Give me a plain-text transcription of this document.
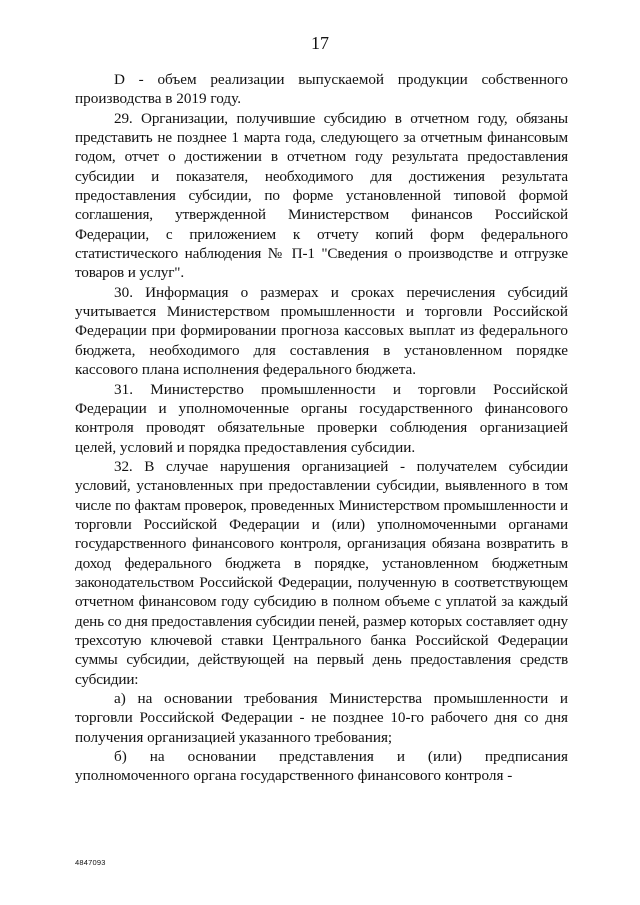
17

D - объем реализации выпускаемой продукции собственного производства в 2019 году.

29. Организации, получившие субсидию в отчетном году, обязаны представить не позднее 1 марта года, следующего за отчетным финансовым годом, отчет о достижении в отчетном году результата предоставления субсидии и показателя, необходимого для достижения результата предоставления субсидии, по форме установленной типовой формой соглашения, утвержденной Министерством финансов Российской Федерации, с приложением к отчету копий форм федерального статистического наблюдения № П-1 "Сведения о производстве и отгрузке товаров и услуг".

30. Информация о размерах и сроках перечисления субсидий учитывается Министерством промышленности и торговли Российской Федерации при формировании прогноза кассовых выплат из федерального бюджета, необходимого для составления в установленном порядке кассового плана исполнения федерального бюджета.

31. Министерство промышленности и торговли Российской Федерации и уполномоченные органы государственного финансового контроля проводят обязательные проверки соблюдения организацией целей, условий и порядка предоставления субсидии.

32. В случае нарушения организацией - получателем субсидии условий, установленных при предоставлении субсидии, выявленного в том числе по фактам проверок, проведенных Министерством промышленности и торговли Российской Федерации и (или) уполномоченными органами государственного финансового контроля, организация обязана возвратить в доход федерального бюджета в порядке, установленном бюджетным законодательством Российской Федерации, полученную в соответствующем отчетном финансовом году субсидию в полном объеме с уплатой за каждый день со дня предоставления субсидии пеней, размер которых составляет одну трехсотую ключевой ставки Центрального банка Российской Федерации суммы субсидии, действующей на первый день предоставления средств субсидии:

а) на основании требования Министерства промышленности и торговли Российской Федерации - не позднее 10-го рабочего дня со дня получения организацией указанного требования;

б) на основании представления и (или) предписания уполномоченного органа государственного финансового контроля -

4847093
